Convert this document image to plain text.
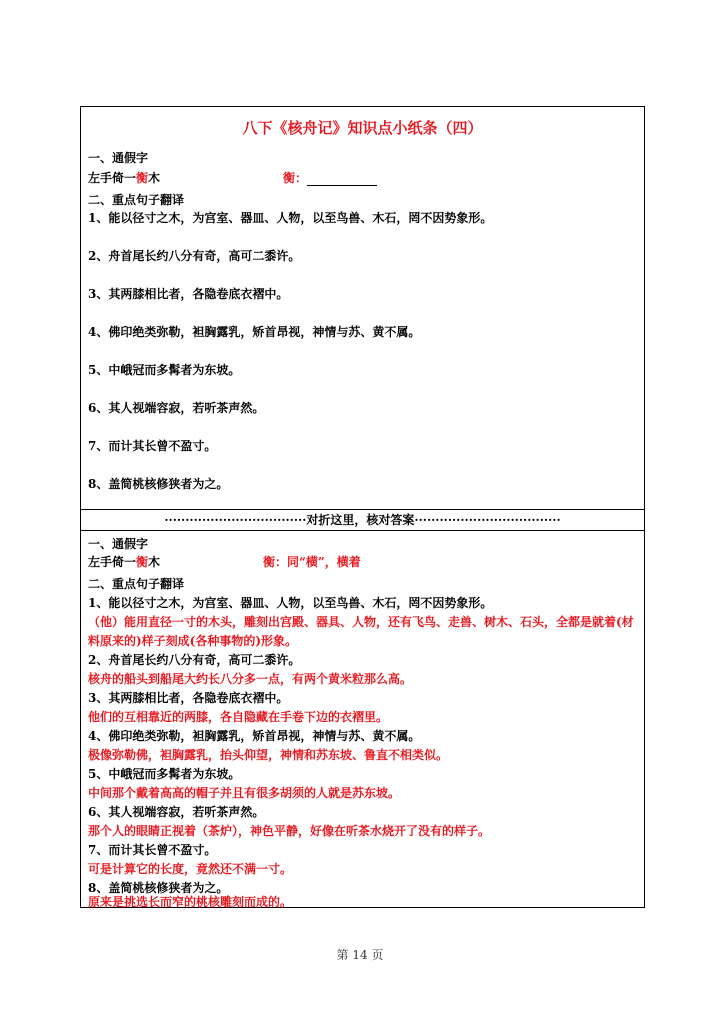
八下《核舟记》知识点小纸条（四）
一、通假字
左手倚一衡木	衡：
二、重点句子翻译
1、能以径寸之木，为宫室、器皿、人物，以至鸟兽、木石，罔不因势象形。
2、舟首尾长约八分有奇，高可二黍许。
3、其两膝相比者，各隐卷底衣褶中。
4、佛印绝类弥勒，袒胸露乳，矫首昂视，神情与苏、黄不属。
5、中峨冠而多髯者为东坡。
6、其人视端容寂，若听茶声然。
7、而计其长曾不盈寸。
8、盖简桃核修狭者为之。
··································对折这里，核对答案···································
一、通假字
左手倚一衡木	衡：同“横”，横着
二、重点句子翻译
1、能以径寸之木，为宫室、器皿、人物，以至鸟兽、木石，罔不因势象形。
（他）能用直径一寸的木头，雕刻出宫殿、器具、人物，还有飞鸟、走兽、树木、石头，全都是就着(材料原来的)样子刻成(各种事物的)形象。
2、舟首尾长约八分有奇，高可二黍许。
核舟的船头到船尾大约长八分多一点，有两个黄米粒那么高。
3、其两膝相比者，各隐卷底衣褶中。
他们的互相靠近的两膝，各自隐藏在手卷下边的衣褶里。
4、佛印绝类弥勒，袒胸露乳，矫首昂视，神情与苏、黄不属。
极像弥勒佛，袒胸露乳，抬头仰望，神情和苏东坡、鲁直不相类似。
5、中峨冠而多髯者为东坡。
中间那个戴着高高的帽子并且有很多胡须的人就是苏东坡。
6、其人视端容寂，若听茶声然。
那个人的眼睛正视着（茶炉），神色平静，好像在听茶水烧开了没有的样子。
7、而计其长曾不盈寸。
可是计算它的长度，竟然还不满一寸。
8、盖简桃核修狭者为之。
原来是挑选长而窄的桃核雕刻而成的。
第 14 页
